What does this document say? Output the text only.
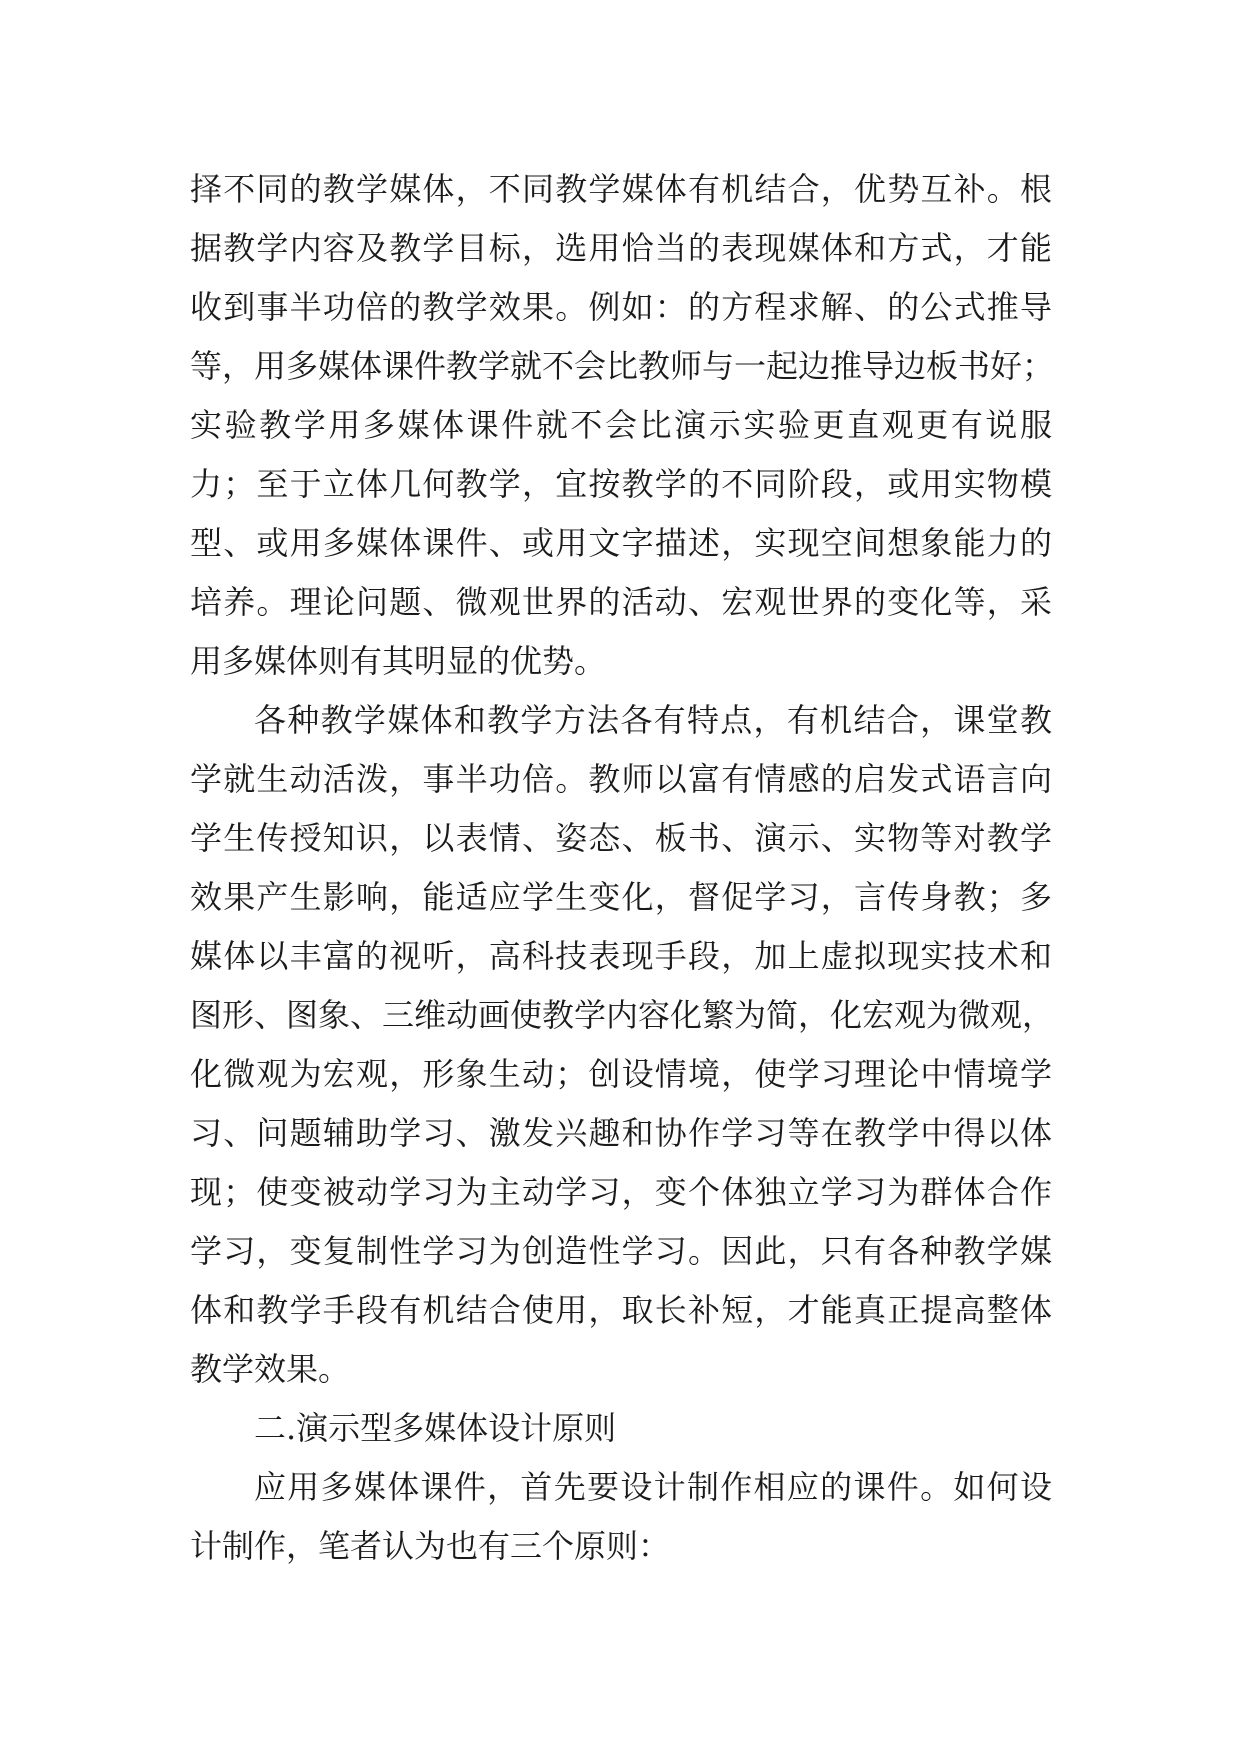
择不同的教学媒体，不同教学媒体有机结合，优势互补。根
据教学内容及教学目标，选用恰当的表现媒体和方式，才能
收到事半功倍的教学效果。例如：的方程求解、的公式推导
等，用多媒体课件教学就不会比教师与一起边推导边板书好；
实验教学用多媒体课件就不会比演示实验更直观更有说服
力；至于立体几何教学，宜按教学的不同阶段，或用实物模
型、或用多媒体课件、或用文字描述，实现空间想象能力的
培养。理论问题、微观世界的活动、宏观世界的变化等，采
用多媒体则有其明显的优势。
各种教学媒体和教学方法各有特点，有机结合，课堂教
学就生动活泼，事半功倍。教师以富有情感的启发式语言向
学生传授知识，以表情、姿态、板书、演示、实物等对教学
效果产生影响，能适应学生变化，督促学习，言传身教；多
媒体以丰富的视听，高科技表现手段，加上虚拟现实技术和
图形、图象、三维动画使教学内容化繁为简，化宏观为微观，
化微观为宏观，形象生动；创设情境，使学习理论中情境学
习、问题辅助学习、激发兴趣和协作学习等在教学中得以体
现；使变被动学习为主动学习，变个体独立学习为群体合作
学习，变复制性学习为创造性学习。因此，只有各种教学媒
体和教学手段有机结合使用，取长补短，才能真正提高整体
教学效果。
二.演示型多媒体设计原则
应用多媒体课件，首先要设计制作相应的课件。如何设
计制作，笔者认为也有三个原则：
